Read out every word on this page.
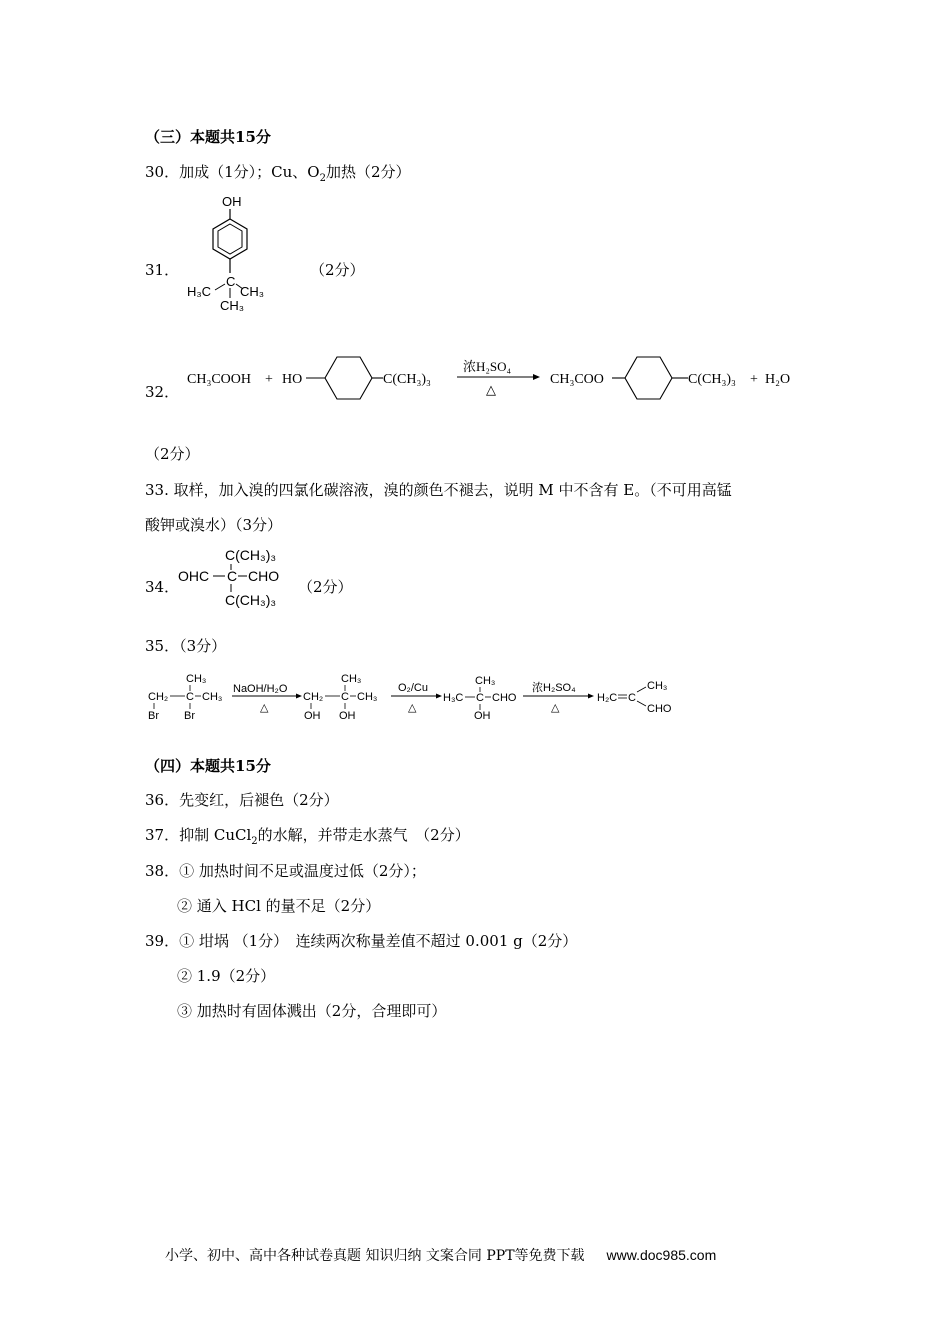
（三）本题共15分
30．加成（1分）；Cu、$O_2$加热（2分）
31．
OH
C
H₃C CH₃
CH₃
（2分）
32．
CH₃COOH + HO	C(CH₃)₃
浓H₂SO₄
△
CH₃COO	C(CH₃)₃ + H₂O
（2分）
33. 取样，加入溴的四氯化碳溶液，溴的颜色不褪去，说明 M 中不含有 E。（不可用高锰
酸钾或溴水）（3分）
34．
C(CH₃)₃
OHC C CHO
C(CH₃)₃
（2分）
35．（3分）
CH₃
CH₂ C CH₃
Br Br
NaOH/H₂O
△
CH₃
CH₂ C CH₃
OH OH
O₂/Cu
△
CH₃
H₃C C CHO
OH
浓H₂SO₄
△
H₂C C
CH₃
CHO
（四）本题共15分
36．先变红，后褪色（2分）
37．抑制 CuCl$_2$的水解，并带走水蒸气　（2分）
38．① 加热时间不足或温度过低（2分）；
② 通入 HCl 的量不足（2分）
39．① 坩埚 （1分）　连续两次称量差值不超过 0.001 g（2分）
② 1.9（2分）
③ 加热时有固体溅出（2分，合理即可）
小学、初中、高中各种试卷真题 知识归纳 文案合同 PPT等免费下载 www.doc985.com
